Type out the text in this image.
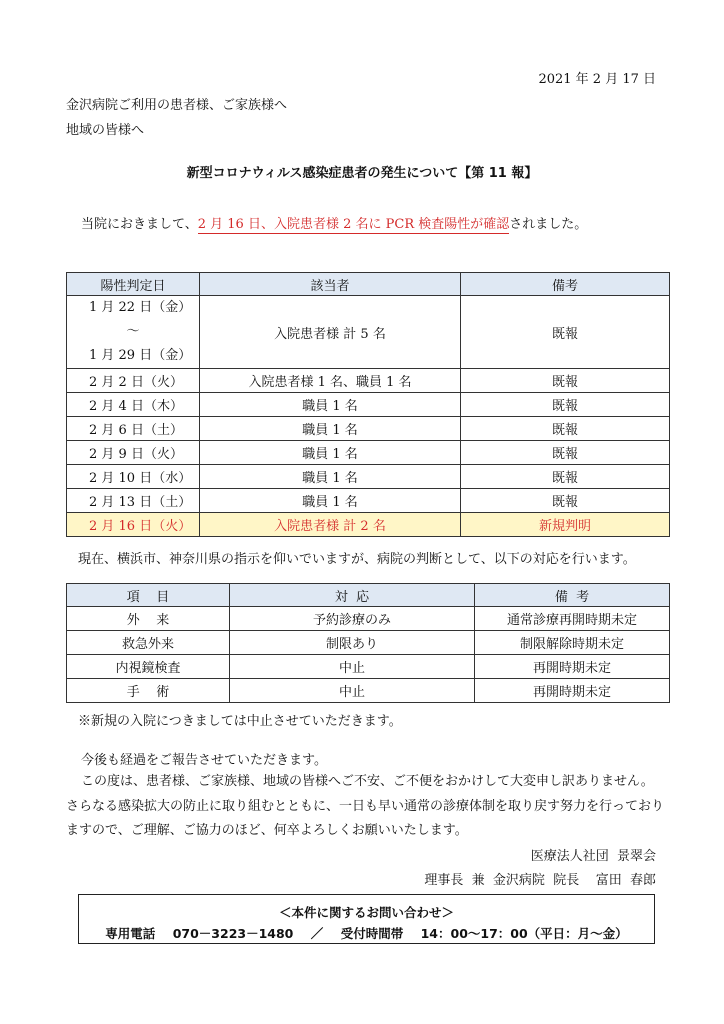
2021 年 2 月 17 日
金沢病院ご利用の患者様、ご家族様へ
地域の皆様へ
新型コロナウィルス感染症患者の発生について【第 11 報】
当院におきまして、2 月 16 日、入院患者様 2 名に PCR 検査陽性が確認されました。
陽性判定日	該当者	備考

1 月 22 日（金）
～
1 月 29 日（金）	入院患者様 計 5 名	既報
2 月 2 日（火）	入院患者様 1 名、職員 1 名	既報
2 月 4 日（木）	職員 1 名	既報
2 月 6 日（土）	職員 1 名	既報
2 月 9 日（火）	職員 1 名	既報
2 月 10 日（水）	職員 1 名	既報
2 月 13 日（土）	職員 1 名	既報
2 月 16 日（火）	入院患者様 計 2 名	新規判明
現在、横浜市、神奈川県の指示を仰いでいますが、病院の判断として、以下の対応を行います。
項    目	対  応	備  考
外    来	予約診療のみ	通常診療再開時期未定
救急外来	制限あり	制限解除時期未定
内視鏡検査	中止	再開時期未定
手    術	中止	再開時期未定
※新規の入院につきましては中止させていただきます。
今後も経過をご報告させていただきます。
この度は、患者様、ご家族様、地域の皆様へご不安、ご不便をおかけして大変申し訳ありません。さらなる感染拡大の防止に取り組むとともに、一日も早い通常の診療体制を取り戻す努力を行っておりますので、ご理解、ご協力のほど、何卒よろしくお願いいたします。
医療法人社団  景翠会
理事長  兼  金沢病院  院長    富田  春郎
＜本件に関するお問い合わせ＞
専用電話    070－3223－1480    ／    受付時間帯    14：00～17：00（平日：月～金）
